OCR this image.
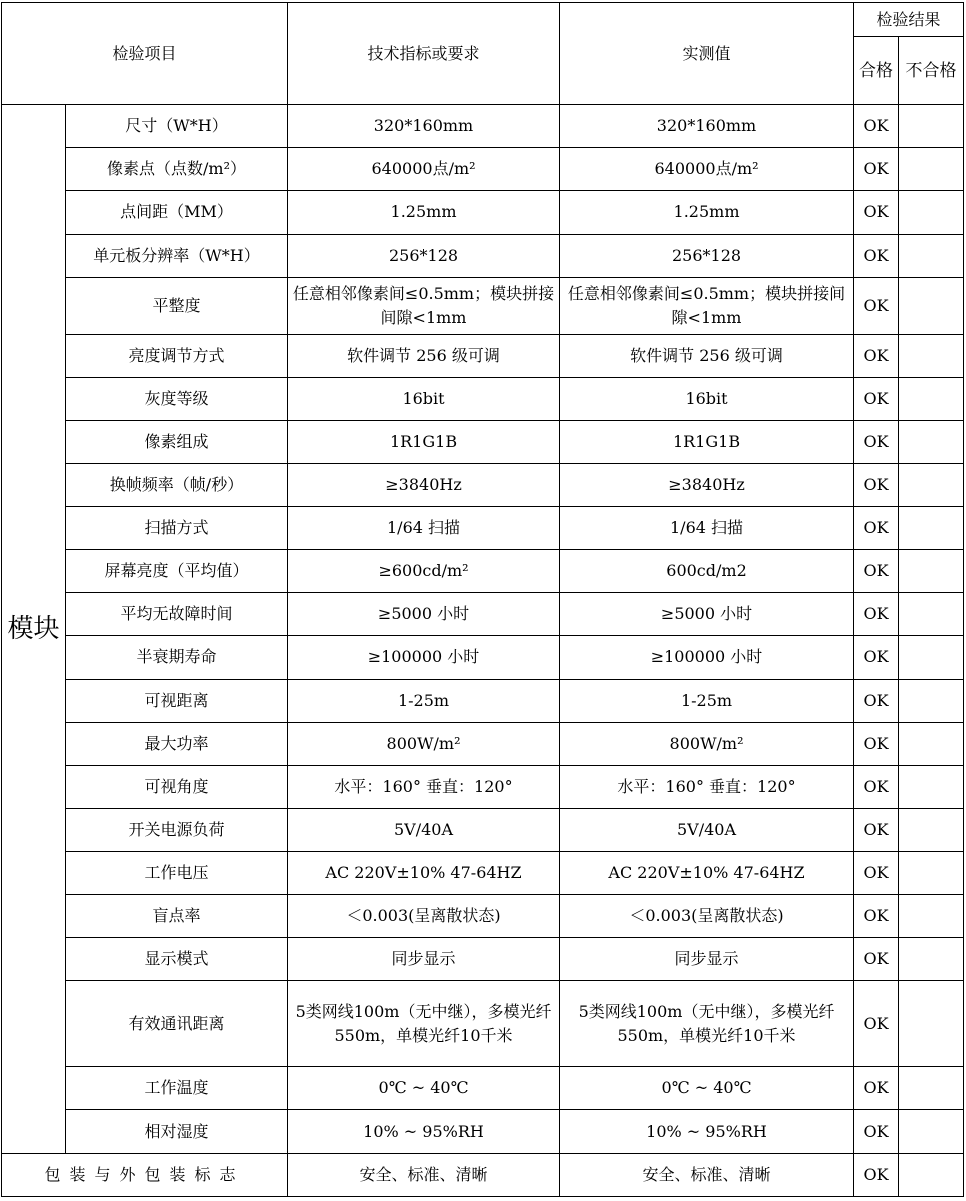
检验项目		技术指标或要求	实测值	检验结果	
				合格	不合格
模块	尺寸（W*H）	320*160mm	320*160mm	OK	
	像素点（点数/m²）	640000点/m²	640000点/m²	OK	
	点间距（MM）	1.25mm	1.25mm	OK	
	单元板分辨率（W*H）	256*128	256*128	OK	
	平整度	任意相邻像素间≤0.5mm；模块拼接间隙<1mm	任意相邻像素间≤0.5mm；模块拼接间隙<1mm	OK	
	亮度调节方式	软件调节 256 级可调	软件调节 256 级可调	OK	
	灰度等级	16bit	16bit	OK	
	像素组成	1R1G1B	1R1G1B	OK	
	换帧频率（帧/秒）	≥3840Hz	≥3840Hz	OK	
	扫描方式	1/64 扫描	1/64 扫描	OK	
	屏幕亮度（平均值）	≥600cd/m²	600cd/m2	OK	
	平均无故障时间	≥5000 小时	≥5000 小时	OK	
	半衰期寿命	≥100000 小时	≥100000 小时	OK	
	可视距离	1-25m	1-25m	OK	
	最大功率	800W/m²	800W/m²	OK	
	可视角度	水平：160° 垂直：120°	水平：160° 垂直：120°	OK	
	开关电源负荷	5V/40A	5V/40A	OK	
	工作电压	AC 220V±10% 47-64HZ	AC 220V±10% 47-64HZ	OK	
	盲点率	＜0.003(呈离散状态)	＜0.003(呈离散状态)	OK	
	显示模式	同步显示	同步显示	OK	
	有效通讯距离	5类网线100m（无中继），多模光纤550m，单模光纤10千米	5类网线100m（无中继），多模光纤550m，单模光纤10千米	OK	
	工作温度	0℃ ~ 40℃	0℃ ~ 40℃	OK	
	相对湿度	10% ~ 95%RH	10% ~ 95%RH	OK	
包装与外包装标志		安全、标准、清晰	安全、标准、清晰	OK	
